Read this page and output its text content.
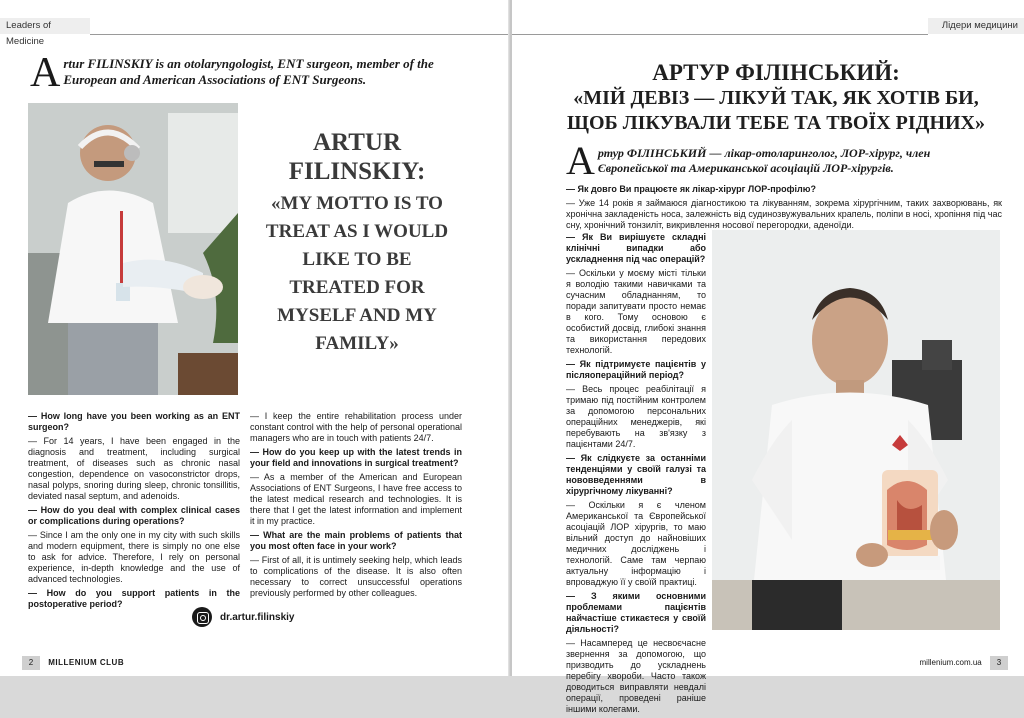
Leaders of Medicine
A rtur FILINSKIY is an otolaryngologist, ENT surgeon, member of the European and American Associations of ENT Surgeons.
ARTUR FILINSKIY:
«MY MOTTO IS TO TREAT AS I WOULD LIKE TO BE TREATED FOR MYSELF AND MY FAMILY»

— How long have you been working as an ENT surgeon?

— For 14 years, I have been engaged in the diagnosis and treatment, including surgical treatment, of diseases such as chronic nasal congestion, dependence on vasoconstrictor drops, nasal polyps, snoring during sleep, chronic tonsillitis, deviated nasal septum, and adenoids.

— How do you deal with complex clinical cases or complications during operations?

— Since I am the only one in my city with such skills and modern equipment, there is simply no one else to ask for advice. Therefore, I rely on personal experience, in-depth knowledge and the use of advanced technologies.

— How do you support patients in the postoperative period?

— I keep the entire rehabilitation process under constant control with the help of personal operational managers who are in touch with patients 24/7.

— How do you keep up with the latest trends in your field and innovations in surgical treatment?

— As a member of the American and European Associations of ENT Surgeons, I have free access to the latest medical research and technologies. It is there that I get the latest information and implement it in my practice.

— What are the main problems of patients that you most often face in your work?

— First of all, it is untimely seeking help, which leads to complications of the disease. It is also often necessary to correct unsuccessful operations previously performed by other colleagues.

dr.artur.filinskiy
2 MILLENIUM CLUB
Лідери медицини
АРТУР ФІЛІНСЬКИЙ:
«МІЙ ДЕВІЗ — ЛІКУЙ ТАК, ЯК ХОТІВ БИ, ЩОБ ЛІКУВАЛИ ТЕБЕ ТА ТВОЇХ РІДНИХ»
А ртур ФІЛІНСЬКИЙ — лікар-отоларинголог, ЛОР-хірург, член Європейської та Американської асоціацій ЛОР-хірургів.

— Як довго Ви працюєте як лікар-хірург ЛОР-профілю?

— Уже 14 років я займаюся діагностикою та лікуванням, зокрема хірургічним, таких захворювань, як хронічна закладеність носа, залежність від судинозвужувальних крапель, поліпи в носі, хропіння під час сну, хронічний тонзиліт, викривлення носової перегородки, аденоїди.

— Як Ви вирішуєте складні клінічні випадки або ускладнення під час операцій?

— Оскільки у моєму місті тільки я володію такими навичками та сучасним обладнанням, то поради запитувати просто немає в кого. Тому основою є особистий досвід, глибокі знання та використання передових технологій.

— Як підтримуєте пацієнтів у післяопераційний період?

— Весь процес реабілітації я тримаю під постійним контролем за допомогою персональних операційних менеджерів, які перебувають на зв'язку з пацієнтами 24/7.

— Як слідкуєте за останніми тенденціями у своїй галузі та нововведеннями в хірургічному лікуванні?

— Оскільки я є членом Американської та Європейської асоціацій ЛОР хірургів, то маю вільний доступ до найновіших медичних досліджень і технологій. Саме там черпаю актуальну інформацію і впроваджую її у своїй практиці.

— З якими основними проблемами пацієнтів найчастіше стикаєтеся у своїй діяльності?

— Насамперед це несвоєчасне звернення за допомогою, що призводить до ускладнень перебігу хвороби. Часто також доводиться виправляти невдалі операції, проведені раніше іншими колегами.

millenium.com.ua 3
